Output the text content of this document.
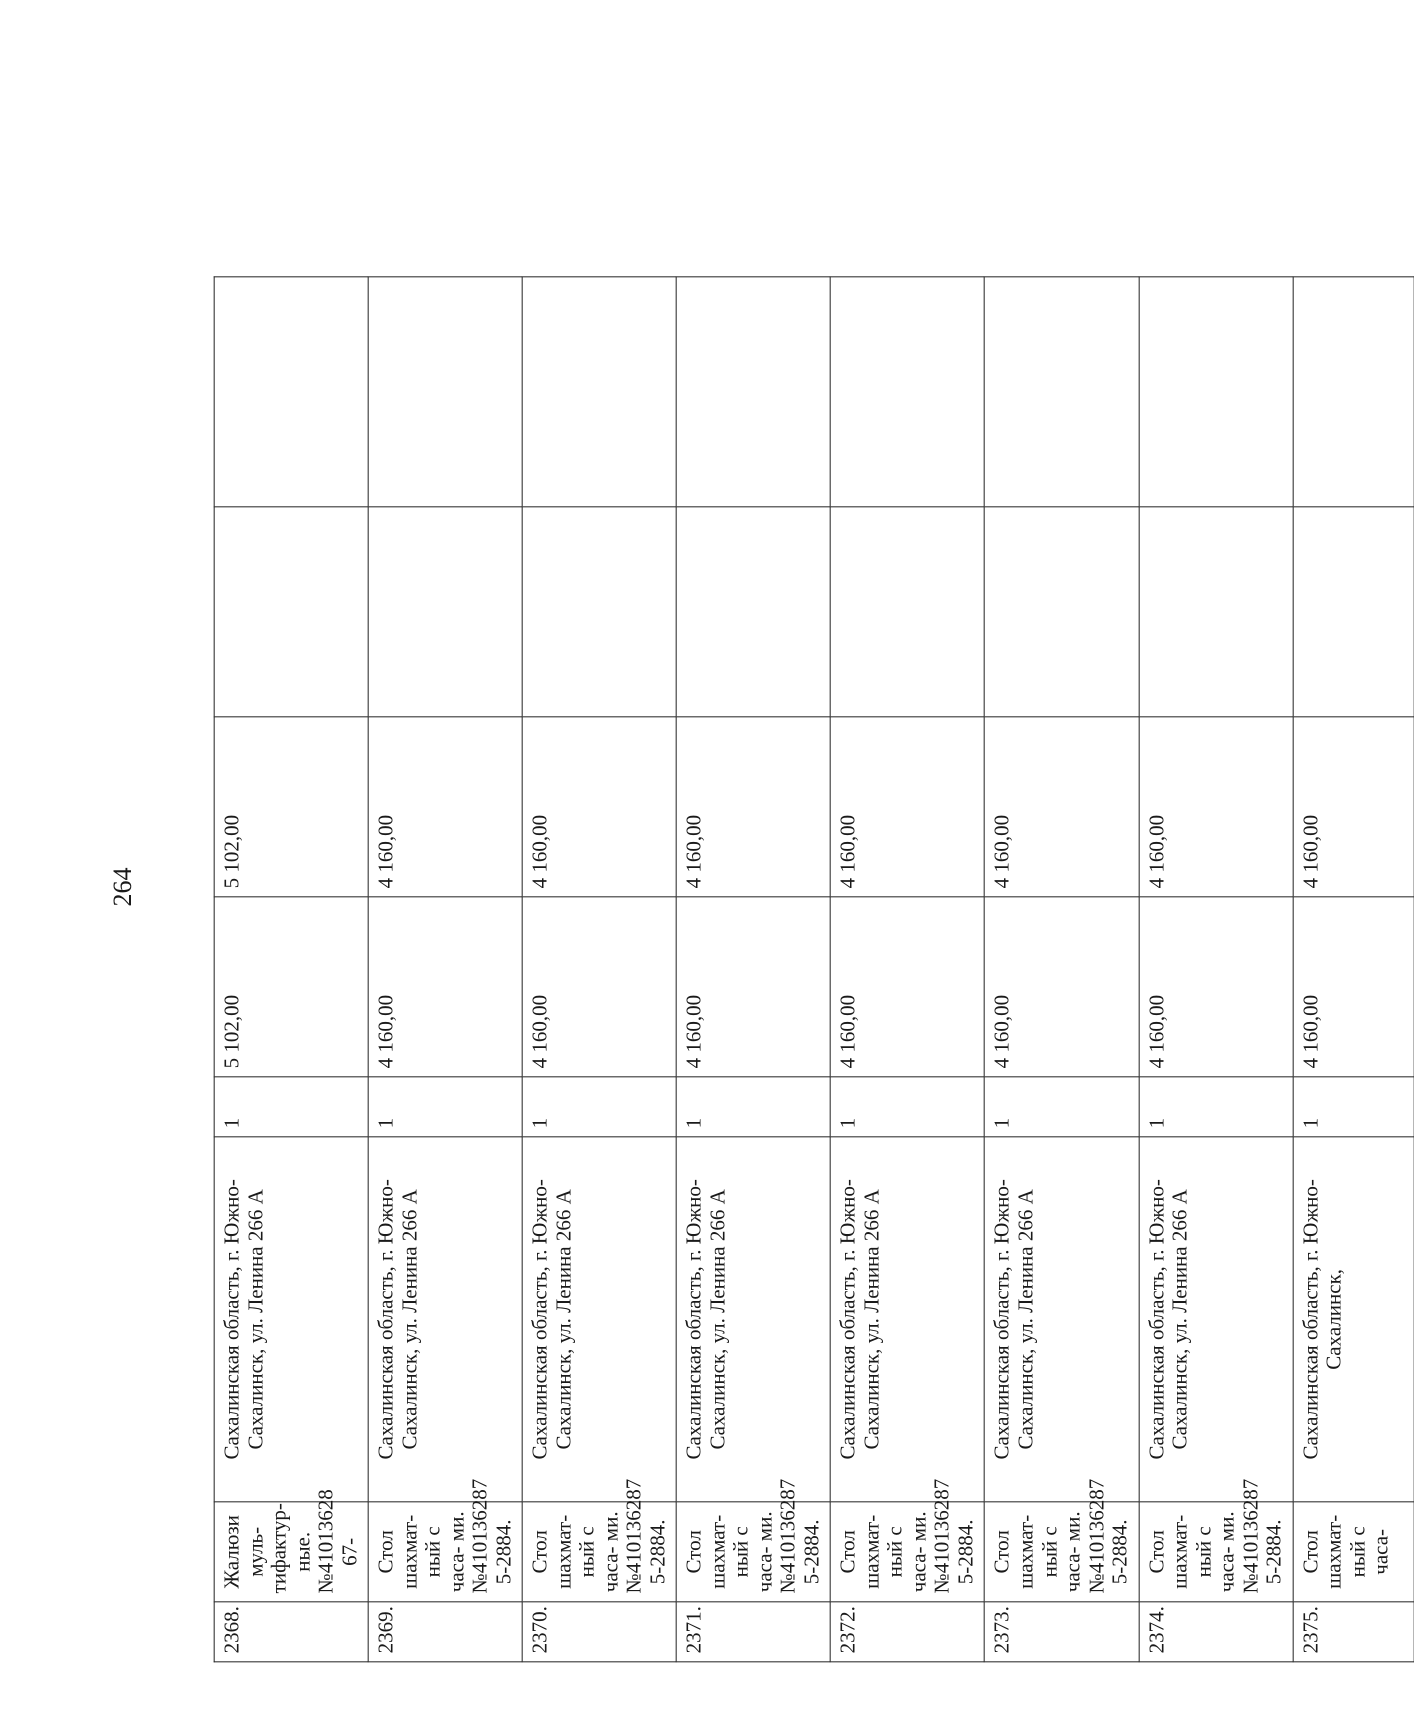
264
2368.	Жалюзи муль- тифактур- ные.№41013628 67-	Сахалинская область, г. Южно-Сахалинск, ул. Ленина 266 А	1	5 102,00	5 102,00		
2369.	Стол шахмат- ный с часа- ми.№410136287 5-2884.	Сахалинская область, г. Южно-Сахалинск, ул. Ленина 266 А	1	4 160,00	4 160,00		
2370.	Стол шахмат- ный с часа- ми.№410136287 5-2884.	Сахалинская область, г. Южно-Сахалинск, ул. Ленина 266 А	1	4 160,00	4 160,00		
2371.	Стол шахмат- ный с часа- ми.№410136287 5-2884.	Сахалинская область, г. Южно-Сахалинск, ул. Ленина 266 А	1	4 160,00	4 160,00		
2372.	Стол шахмат- ный с часа- ми.№410136287 5-2884.	Сахалинская область, г. Южно-Сахалинск, ул. Ленина 266 А	1	4 160,00	4 160,00		
2373.	Стол шахмат- ный с часа- ми.№410136287 5-2884.	Сахалинская область, г. Южно-Сахалинск, ул. Ленина 266 А	1	4 160,00	4 160,00		
2374.	Стол шахмат- ный с часа- ми.№410136287 5-2884.	Сахалинская область, г. Южно-Сахалинск, ул. Ленина 266 А	1	4 160,00	4 160,00		
2375.	Стол шахмат- ный с часа-	Сахалинская область, г. Южно-Сахалинск,	1	4 160,00	4 160,00		
